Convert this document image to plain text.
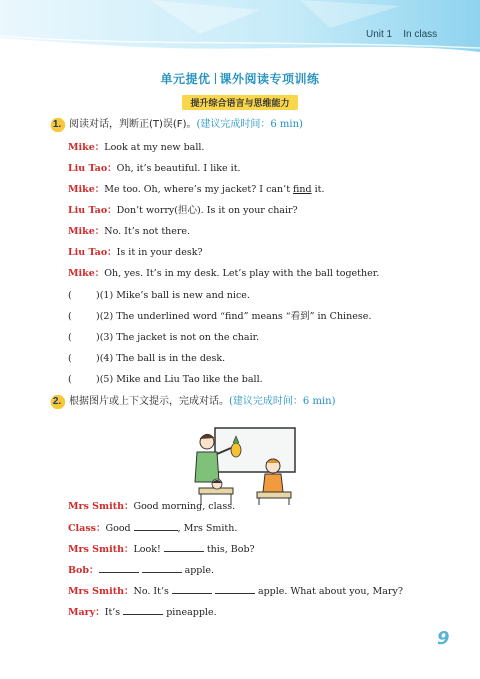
Unit 1 In class
单元提优 课外阅读专项训练
提升综合语言与思维能力
1. 阅读对话，判断正(T)误(F)。(建议完成时间：6 min)
Mike：Look at my new ball.
Liu Tao：Oh, it’s beautiful. I like it.
Mike：Me too. Oh, where’s my jacket? I can’t find it.
Liu Tao：Don’t worry(担心). Is it on your chair?
Mike：No. It’s not there.
Liu Tao：Is it in your desk?
Mike：Oh, yes. It’s in my desk. Let’s play with the ball together.
(	)(1) Mike’s ball is new and nice.
(	)(2) The underlined word “find” means “看到” in Chinese.
(	)(3) The jacket is not on the chair.
(	)(4) The ball is in the desk.
(	)(5) Mike and Liu Tao like the ball.
2. 根据图片或上下文提示，完成对话。(建议完成时间：6 min)
Mrs Smith：Good morning, class.
Class：Good	, Mrs Smith.
Mrs Smith：Look!	this, Bob?
Bob：	apple.
Mrs Smith：No. It’s	apple. What about you, Mary?
Mary：It’s	pineapple.
9
